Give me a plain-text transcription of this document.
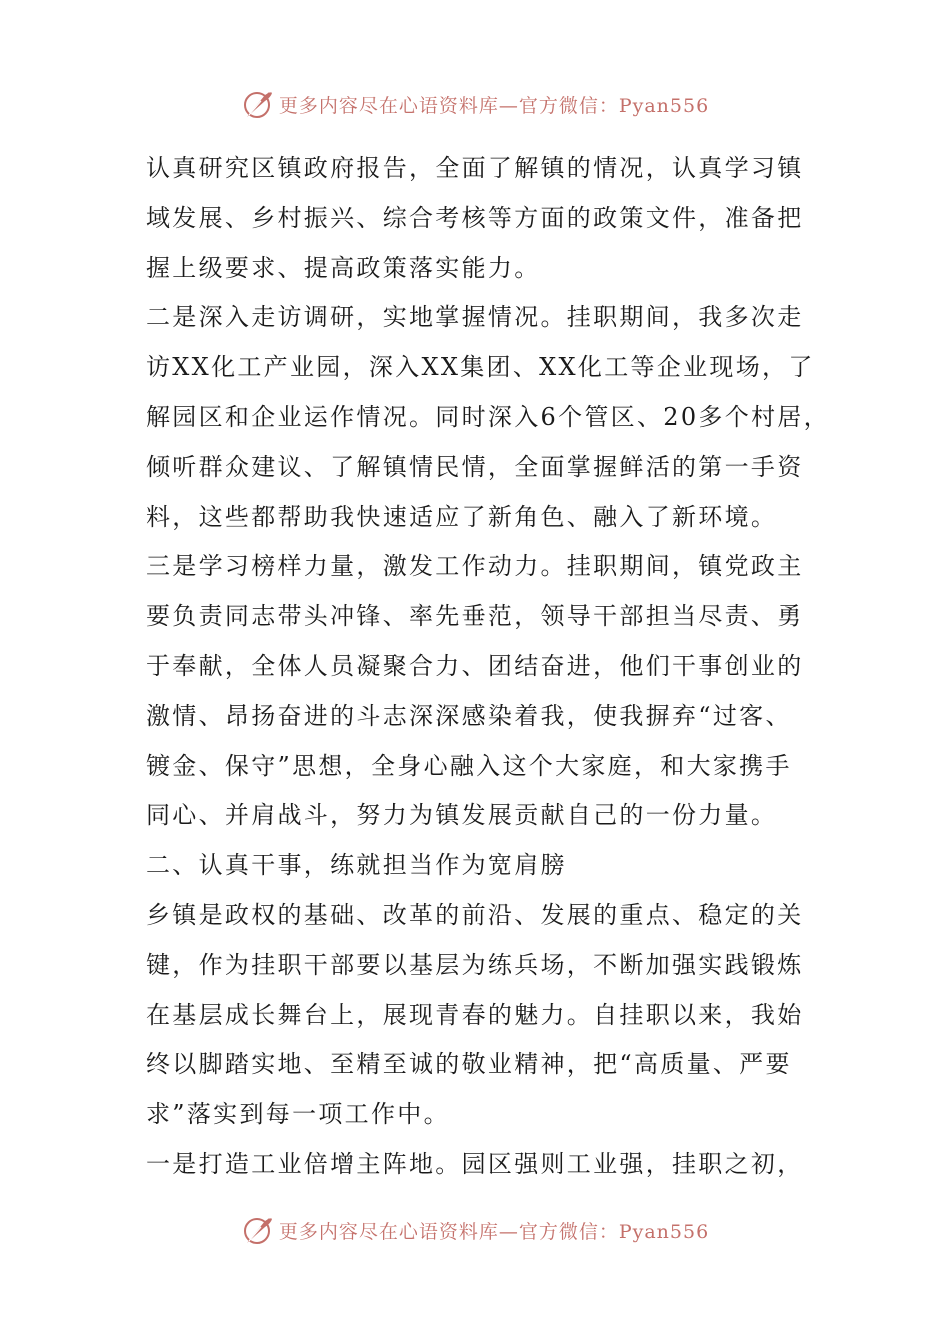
更多内容尽在心语资料库—官方微信：Pyan556
认真研究区镇政府报告，全面了解镇的情况，认真学习镇
域发展、乡村振兴、综合考核等方面的政策文件，准备把
握上级要求、提高政策落实能力。
二是深入走访调研，实地掌握情况。挂职期间，我多次走
访XX化工产业园，深入XX集团、XX化工等企业现场，了
解园区和企业运作情况。同时深入6个管区、20多个村居，
倾听群众建议、了解镇情民情，全面掌握鲜活的第一手资
料，这些都帮助我快速适应了新角色、融入了新环境。
三是学习榜样力量，激发工作动力。挂职期间，镇党政主
要负责同志带头冲锋、率先垂范，领导干部担当尽责、勇
于奉献，全体人员凝聚合力、团结奋进，他们干事创业的
激情、昂扬奋进的斗志深深感染着我，使我摒弃“过客、
镀金、保守”思想，全身心融入这个大家庭，和大家携手
同心、并肩战斗，努力为镇发展贡献自己的一份力量。
二、认真干事，练就担当作为宽肩膀
乡镇是政权的基础、改革的前沿、发展的重点、稳定的关
键，作为挂职干部要以基层为练兵场，不断加强实践锻炼
在基层成长舞台上，展现青春的魅力。自挂职以来，我始
终以脚踏实地、至精至诚的敬业精神，把“高质量、严要
求”落实到每一项工作中。
一是打造工业倍增主阵地。园区强则工业强，挂职之初，
更多内容尽在心语资料库—官方微信：Pyan556
